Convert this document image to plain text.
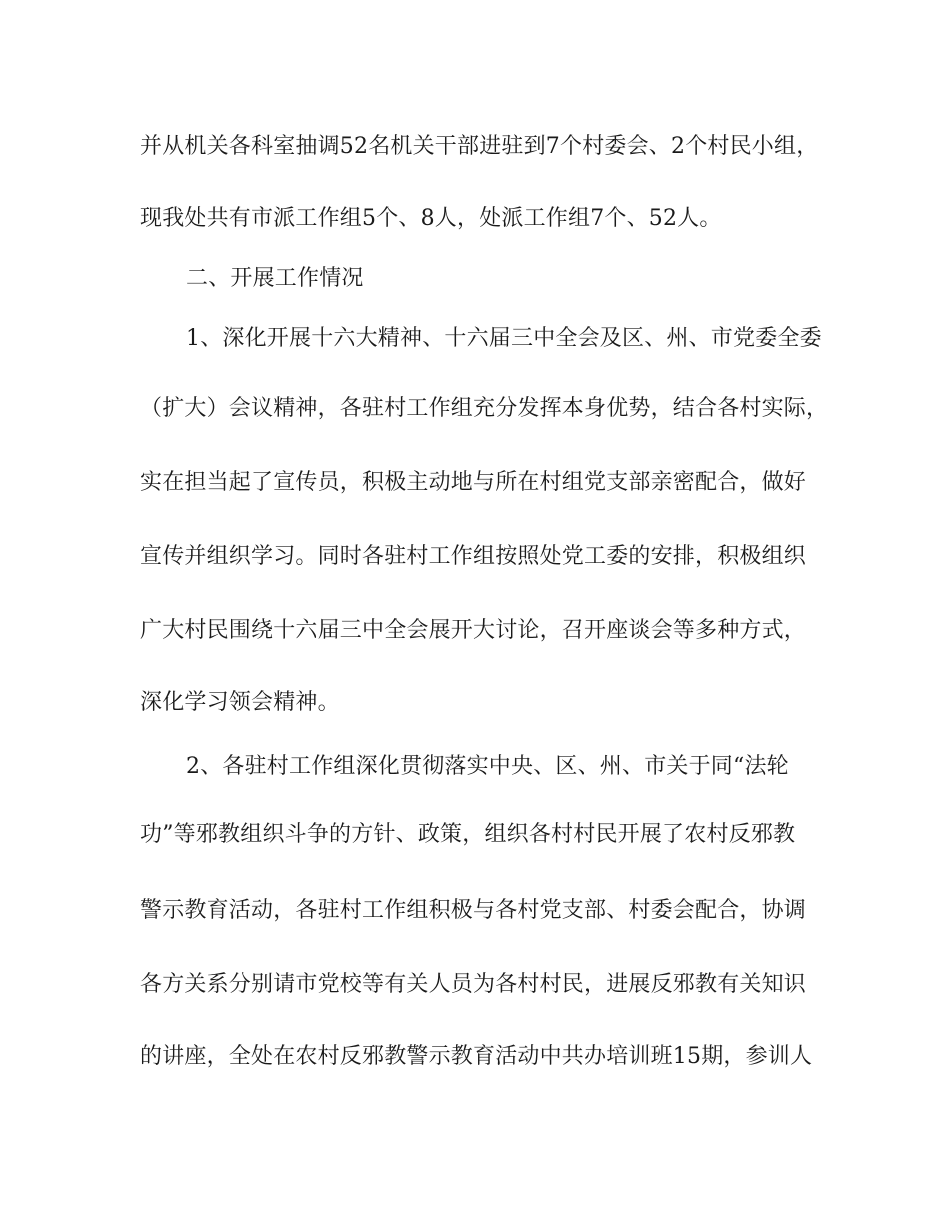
并从机关各科室抽调52名机关干部进驻到7个村委会、2个村民小组，
现我处共有市派工作组5个、8人，处派工作组7个、52人。
二、开展工作情况
1、深化开展十六大精神、十六届三中全会及区、州、市党委全委
（扩大）会议精神，各驻村工作组充分发挥本身优势，结合各村实际，
实在担当起了宣传员，积极主动地与所在村组党支部亲密配合，做好
宣传并组织学习。同时各驻村工作组按照处党工委的安排，积极组织
广大村民围绕十六届三中全会展开大讨论，召开座谈会等多种方式，
深化学习领会精神。
2、各驻村工作组深化贯彻落实中央、区、州、市关于同“法轮
功”等邪教组织斗争的方针、政策，组织各村村民开展了农村反邪教
警示教育活动，各驻村工作组积极与各村党支部、村委会配合，协调
各方关系分别请市党校等有关人员为各村村民，进展反邪教有关知识
的讲座，全处在农村反邪教警示教育活动中共办培训班15期，参训人
